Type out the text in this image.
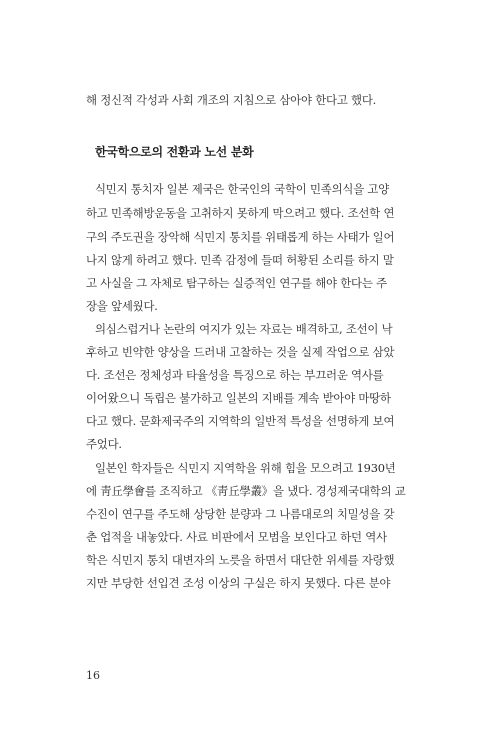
해 정신적 각성과 사회 개조의 지침으로 삼아야 한다고 했다.
한국학으로의 전환과 노선 분화
식민지 통치자 일본 제국은 한국인의 국학이 민족의식을 고양
하고 민족해방운동을 고취하지 못하게 막으려고 했다. 조선학 연
구의 주도권을 장악해 식민지 통치를 위태롭게 하는 사태가 일어
나지 않게 하려고 했다. 민족 감정에 들떠 허황된 소리를 하지 말
고 사실을 그 자체로 탐구하는 실증적인 연구를 해야 한다는 주
장을 앞세웠다.
의심스럽거나 논란의 여지가 있는 자료는 배격하고, 조선이 낙
후하고 빈약한 양상을 드러내 고찰하는 것을 실제 작업으로 삼았
다. 조선은 정체성과 타율성을 특징으로 하는 부끄러운 역사를
이어왔으니 독립은 불가하고 일본의 지배를 계속 받아야 마땅하
다고 했다. 문화제국주의 지역학의 일반적 특성을 선명하게 보여
주었다.
일본인 학자들은 식민지 지역학을 위해 힘을 모으려고 1930년
에 靑丘學會를 조직하고 《靑丘學叢》을 냈다. 경성제국대학의 교
수진이 연구를 주도해 상당한 분량과 그 나름대로의 치밀성을 갖
춘 업적을 내놓았다. 사료 비판에서 모범을 보인다고 하던 역사
학은 식민지 통치 대변자의 노릇을 하면서 대단한 위세를 자랑했
지만 부당한 선입견 조성 이상의 구실은 하지 못했다. 다른 분야
16
